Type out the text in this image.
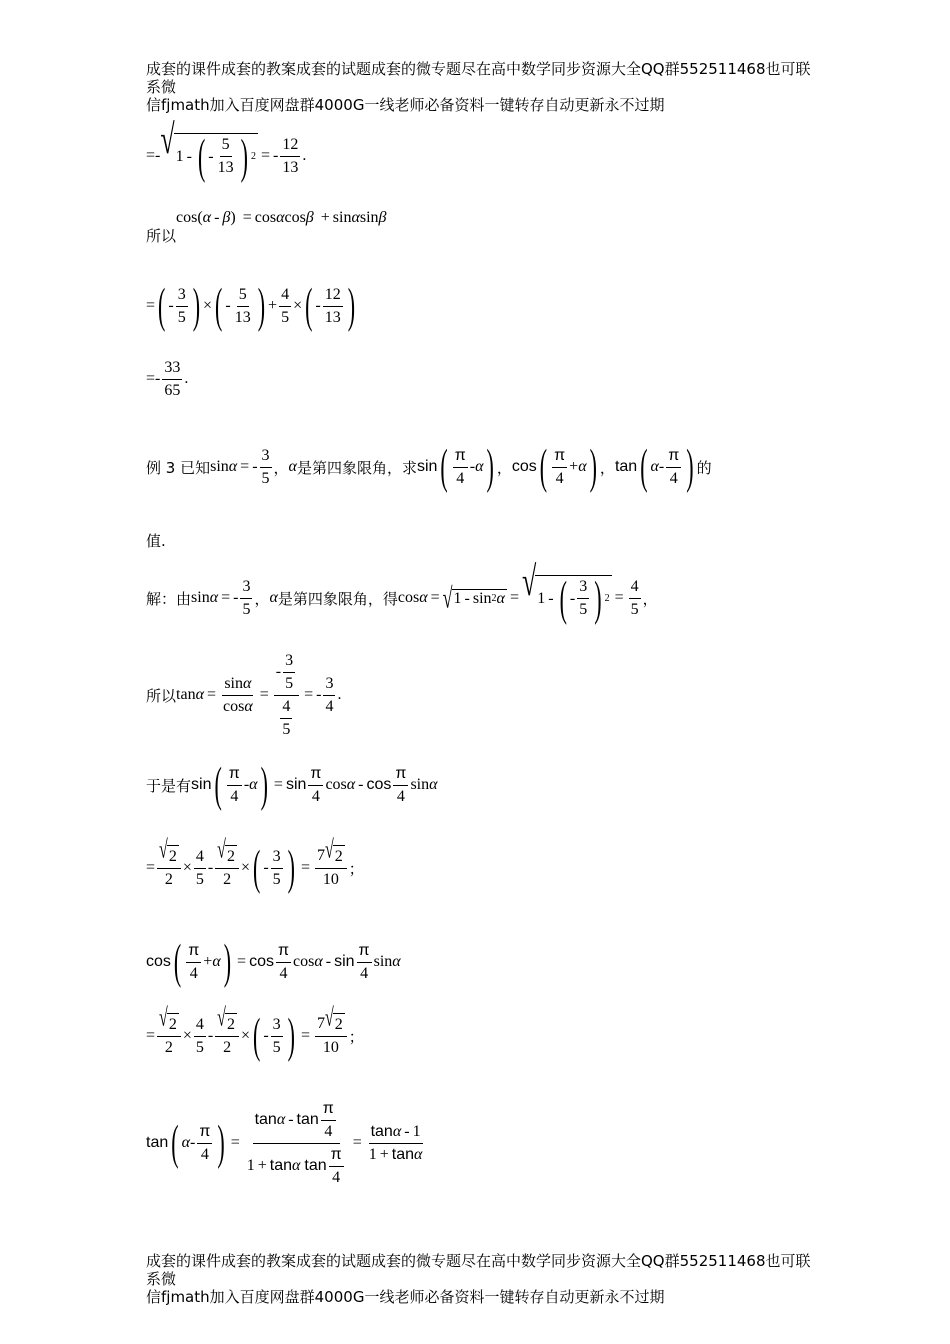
成套的课件成套的教案成套的试题成套的微专题尽在高中数学同步资源大全QQ群552511468也可联系微
信fjmath加入百度网盘群4000G一线老师必备资料一键转存自动更新永不过期
= - √ 1 - ( - $\frac{5}{13}$ ) 2 = - $\frac{12}{13}$ .
所以
cos(α - β) = cosαcosβ + sinαsinβ
= ( - $\frac{3}{5}$ ) × ( - $\frac{5}{13}$ ) + $\frac{4}{5}$ × ( - $\frac{12}{13}$ )
= - $\frac{33}{65}$ .
例 3 已知 sin α = - $\frac{3}{5}$ ， α 是第四象限角，求 sin ( $\frac{\pi}{4}$ - α ) ， cos ( $\frac{\pi}{4} + \alpha$ ) ， tan ( α - $\frac{\pi}{4}$ ) 的
值.
解：由 sin α = - $\frac{3}{5}$ ， α 是第四象限角，得 cos α = √ 1 - sin 2 α = √ 1 - ( - $\frac{3}{5}$ ) $2 = \frac{4}{5}$ ，
所以 $\tan \alpha = \frac{\sin\alpha}{\cos\alpha} = \frac{- \frac{3}{5}}{\frac{4}{5}}$ = - $\frac{3}{4}$ .
于是有 sin ( $\frac{\pi}{4}$ - α ) = $\sin \frac{\pi}{4}$ cos α - $\cos \frac{\pi}{4}$ sin α
= $\frac{√ 2}{2} \times \frac{4}{5} - \frac{√ 2}{2}$ × ( - $\frac{3}{5}$ ) = $\frac{7 √ 2}{10}$ ；
cos ( $\frac{\pi}{4} + \alpha$ ) = $\cos \frac{\pi}{4}$ cos α - $\sin \frac{\pi}{4}$ sin α
= $\frac{√ 2}{2} \times \frac{4}{5} - \frac{√ 2}{2}$ × ( - $\frac{3}{5}$ ) = $\frac{7 √ 2}{10}$ ；
tan ( α - $\frac{\pi}{4}$ ) = $\frac{\tan \alpha - \tan \frac{\pi}{4}}{1 + \tan \alpha \tan \frac{\pi}{4}} = \frac{\tan\alpha - 1}{1 + \tan\alpha}$
成套的课件成套的教案成套的试题成套的微专题尽在高中数学同步资源大全QQ群552511468也可联系微
信fjmath加入百度网盘群4000G一线老师必备资料一键转存自动更新永不过期
